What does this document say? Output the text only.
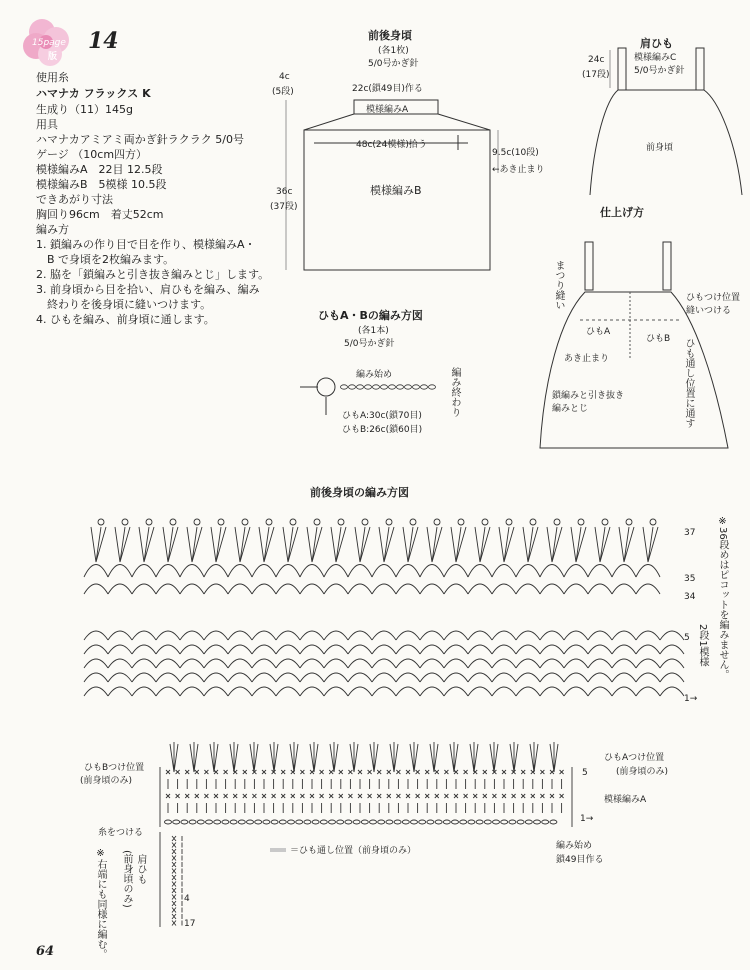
15page
版
14
使用糸
ハマナカ フラックス K
生成り（11）145g
用具
ハマナカアミアミ両かぎ針ラクラク 5/0号
ゲージ （10cm四方）
模様編みA　22目 12.5段
模様編みB　5模様 10.5段
できあがり寸法
胸回り96cm　着丈52cm
編み方
1. 鎖編みの作り目で目を作り、模様編みA・
　B で身頃を2枚編みます。
2. 脇を「鎖編みと引き抜き編みとじ」します。
3. 前身頃から目を拾い、肩ひもを編み、編み
　終わりを後身頃に縫いつけます。
4. ひもを編み、前身頃に通します。
前後身頃
(各1枚)
5/0号かぎ針
22c(鎖49目)作る
模様編みA
48c(24模様)拾う
模様編みB
4c
(5段)
36c
(37段)
9.5c(10段)
←あき止まり
肩ひも
模様編みC
5/0号かぎ針
24c
(17段)
前身頃
仕上げ方
まつり縫い	ひもつけ位置
縫いつける
ひもA
ひもB
あき止まり	ひも通し位置に通す
鎖編みと引き抜き
編みとじ
ひもA・Bの編み方図
(各1本)
5/0号かぎ針
編み始め	編み終わり
ひもA:30c(鎖70目)
ひもB:26c(鎖60目)
前後身頃の編み方図
37
35
34
5
1→
※36段めはピコットを編みません。
2段1模様
ひもBつけ位置
(前身頃のみ)
ひもAつけ位置
(前身頃のみ)
5
模様編みA
1→
糸をつける
＝ひも通し位置（前身頃のみ）	編み始め
鎖49目作る
肩ひも
(前身頃のみ)
※右端にも同様に編む。	4
17
64
